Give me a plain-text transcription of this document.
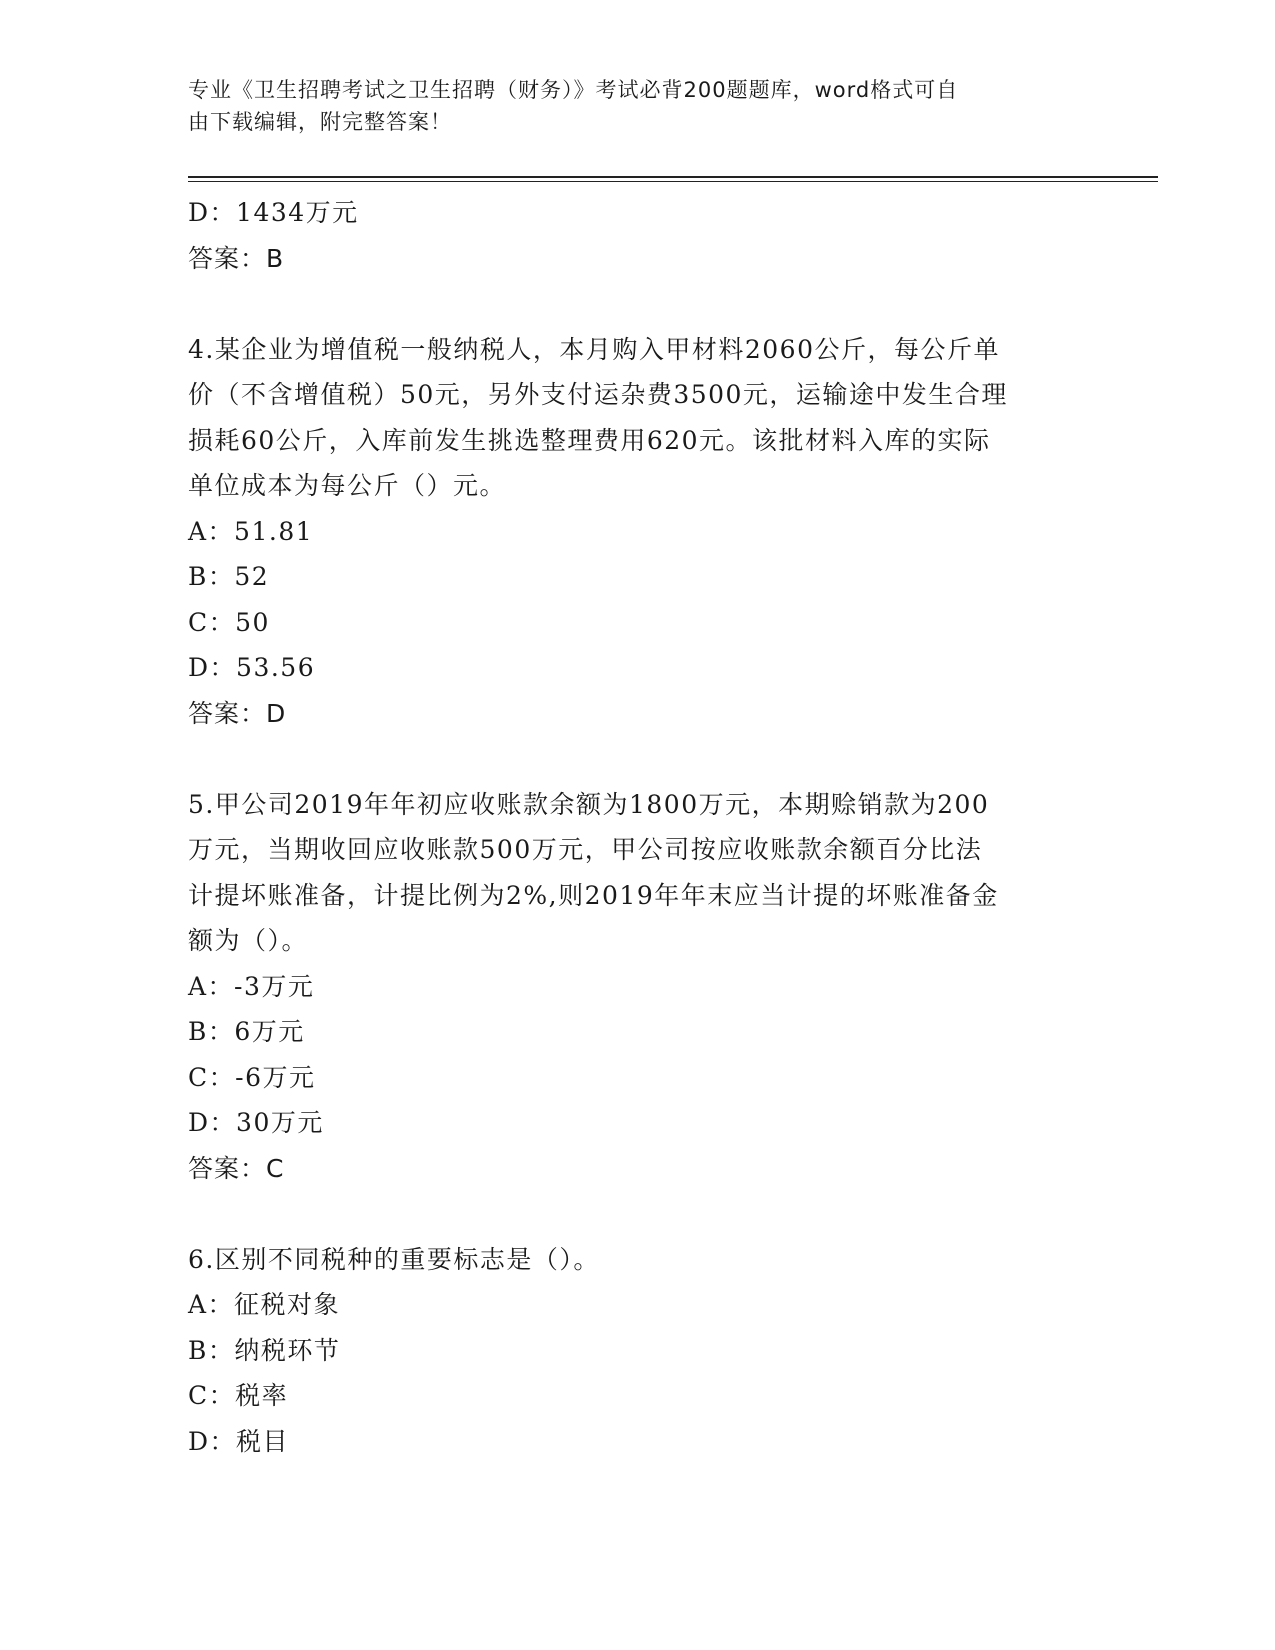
专业《卫生招聘考试之卫生招聘（财务）》考试必背200题题库，word格式可自
由下载编辑，附完整答案！
D：1434万元
答案：B
4.某企业为增值税一般纳税人，本月购入甲材料2060公斤，每公斤单
价（不含增值税）50元，另外支付运杂费3500元，运输途中发生合理
损耗60公斤，入库前发生挑选整理费用620元。该批材料入库的实际
单位成本为每公斤（）元。
A：51.81
B：52
C：50
D：53.56
答案：D
5.甲公司2019年年初应收账款余额为1800万元，本期赊销款为200
万元，当期收回应收账款500万元，甲公司按应收账款余额百分比法
计提坏账准备，计提比例为2%,则2019年年末应当计提的坏账准备金
额为（）。
A：-3万元
B：6万元
C：-6万元
D：30万元
答案：C
6.区别不同税种的重要标志是（）。
A：征税对象
B：纳税环节
C：税率
D：税目
